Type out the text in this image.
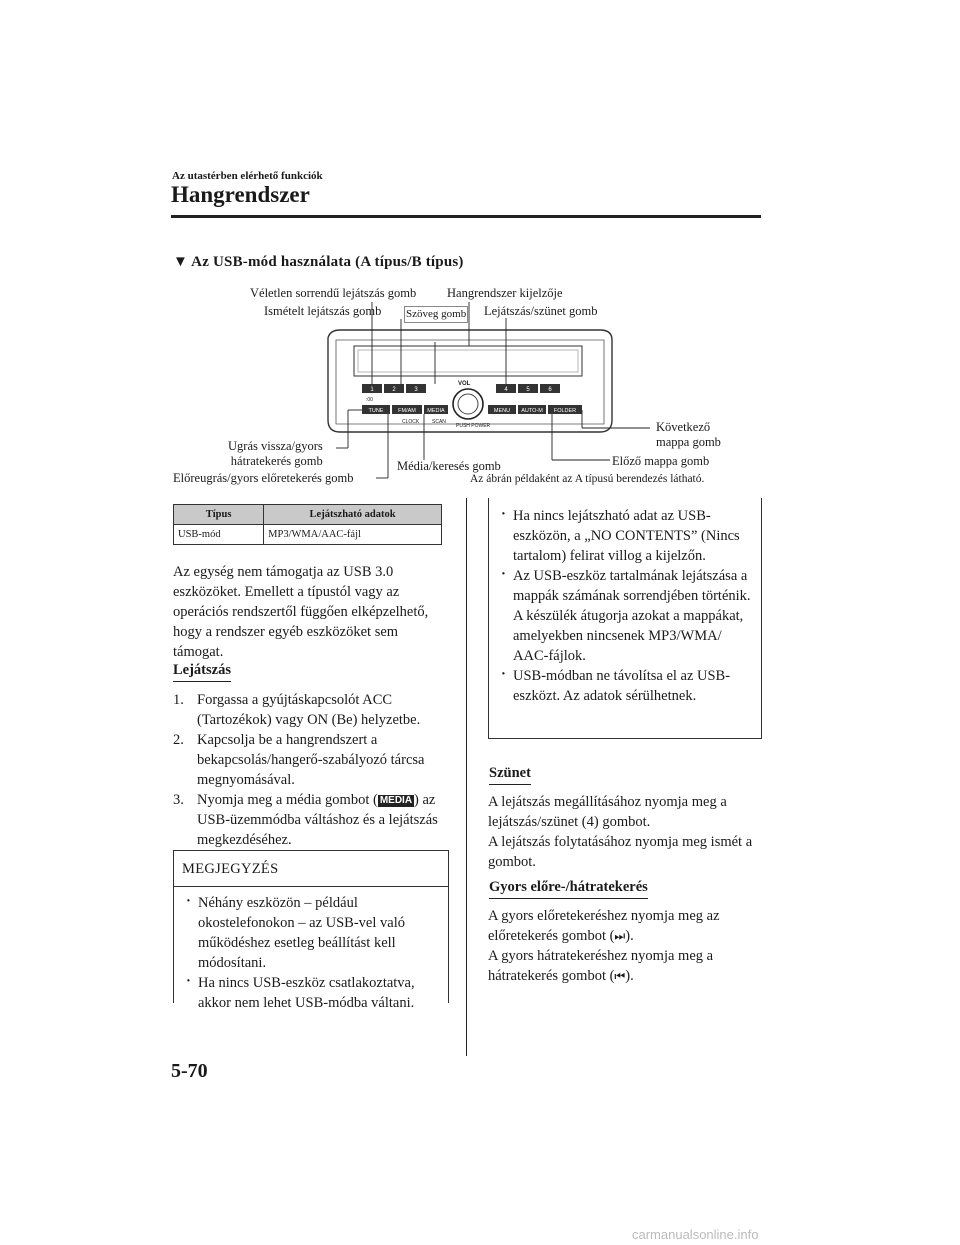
Az utastérben elérhető funkciók
Hangrendszer
▼ Az USB-mód használata (A típus/B típus)
1	2	3	4	5	6
:00
VOL
TUNE	FM/AM MEDIA	MENU AUTO-M FOLDER
CLOCK	SCAN
PUSH POWER
Véletlen sorrendű lejátszás gomb
Ismételt lejátszás gomb Szöveg gomb
Hangrendszer kijelzője
Lejátszás/szünet gomb
Következő
mappa gomb
Előző mappa gomb
Ugrás vissza/gyors
hátratekerés gomb
Előreugrás/gyors előretekerés gomb
Média/keresés gomb
Az ábrán példaként az A típusú berendezés látható.
Típus	Lejátszható adatok
USB-mód	MP3/WMA/AAC-fájl
Az egység nem támogatja az USB 3.0 eszközöket. Emellett a típustól vagy az operációs rendszertől függően elképzelhető, hogy a rendszer egyéb eszközöket sem támogat.
Lejátszás
1. Forgassa a gyújtáskapcsolót ACC (Tartozékok) vagy ON (Be) helyzetbe.
2. Kapcsolja be a hangrendszert a bekapcsolás/hangerő-szabályozó tárcsa megnyomásával.
3. Nyomja meg a média gombot ( MEDIA ) az USB-üzemmódba váltáshoz és a lejátszás megkezdéséhez.
MEGJEGYZÉS
· Néhány eszközön – például okostelefonokon – az USB-vel való működéshez esetleg beállítást kell módosítani.
· Ha nincs USB-eszköz csatlakoztatva, akkor nem lehet USB-módba váltani.
· Ha nincs lejátszható adat az USB-eszközön, a „NO CONTENTS” (Nincs tartalom) felirat villog a kijelzőn.
· Az USB-eszköz tartalmának lejátszása a mappák számának sorrendjében történik. A készülék átugorja azokat a mappákat, amelyekben nincsenek MP3/WMA/ AAC-fájlok.
· USB-módban ne távolítsa el az USB-eszközt. Az adatok sérülhetnek.
Szünet
A lejátszás megállításához nyomja meg a lejátszás/szünet (4) gombot.
A lejátszás folytatásához nyomja meg ismét a gombot.
Gyors előre-/hátratekerés
A gyors előretekeréshez nyomja meg az előretekerés gombot (⏭).
A gyors hátratekeréshez nyomja meg a hátratekerés gombot (⏮).
5-70
carmanualsonline.info
